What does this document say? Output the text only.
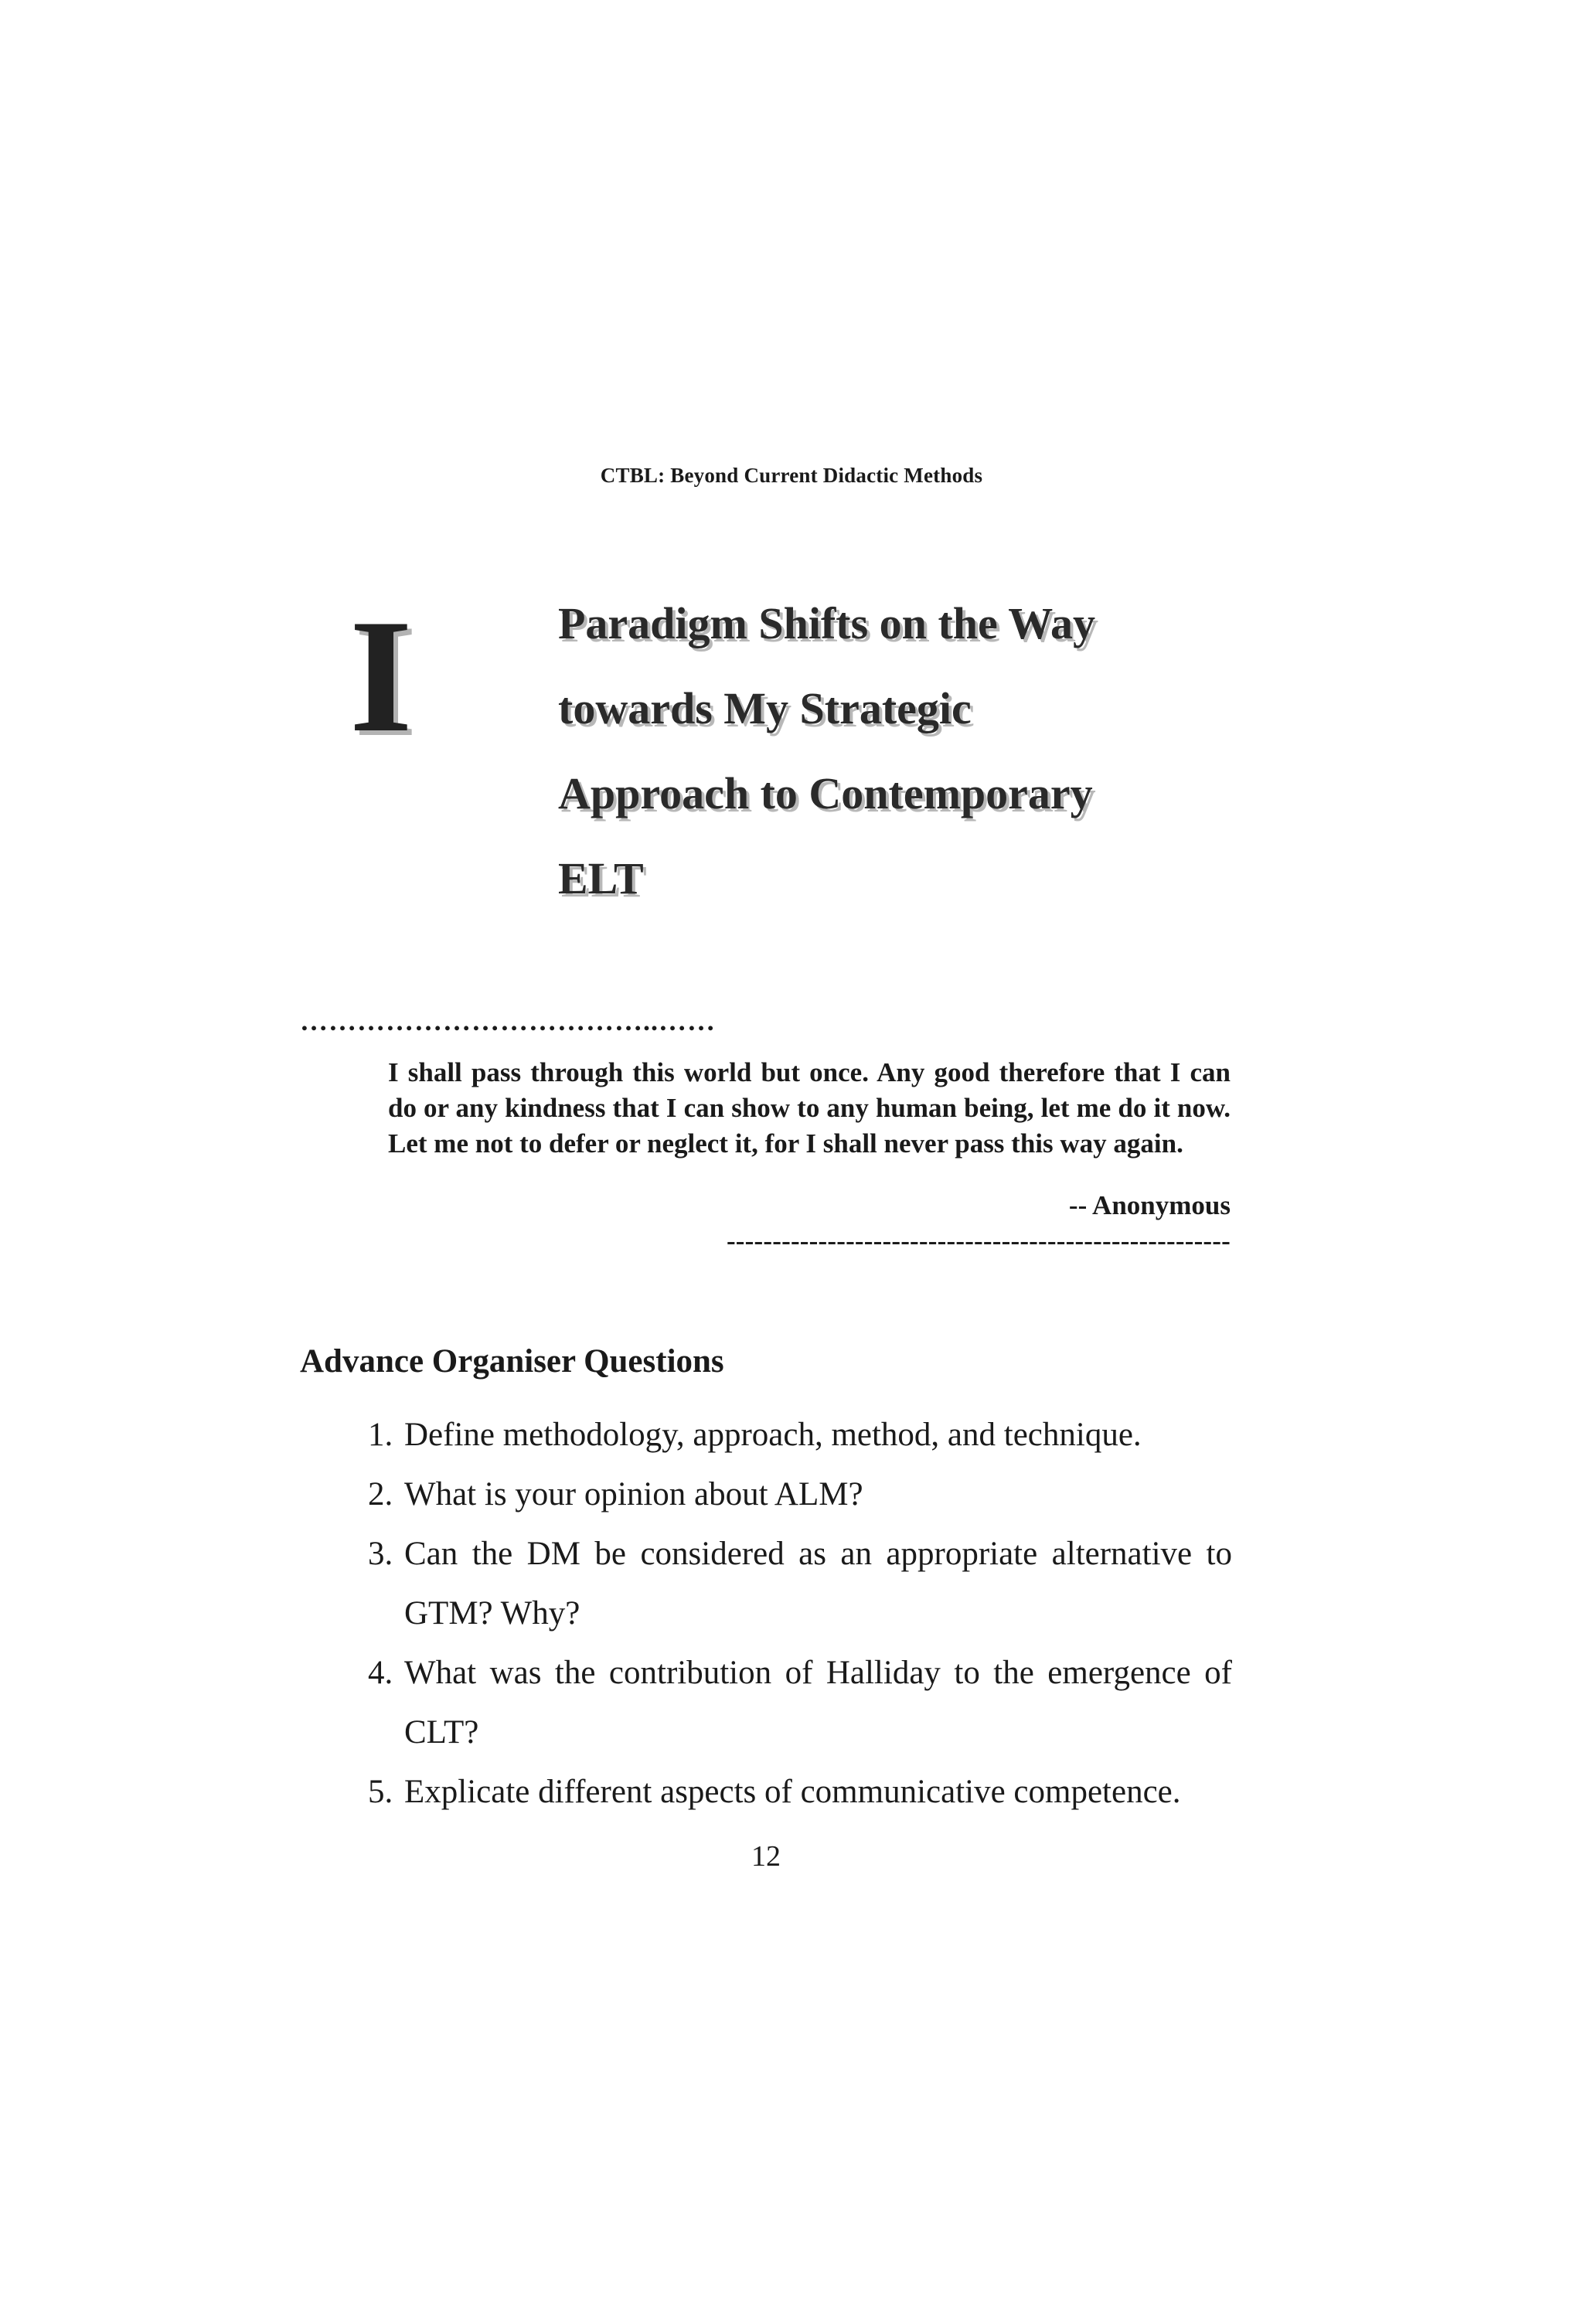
CTBL: Beyond Current Didactic Methods
I	Paradigm Shifts on the Way
towards My Strategic
Approach to Contemporary
ELT
………………………………..……
I shall pass through this world but once. Any good therefore that I can do or any kindness that I can show to any human being, let me do it now. Let me not to defer or neglect it, for I shall never pass this way again.
-- Anonymous
-------------------------------------------------------
Advance Organiser Questions
1. Define methodology, approach, method, and technique.
2. What is your opinion about ALM?
3. Can the DM be considered as an appropriate alternative to GTM? Why?
4. What was the contribution of Halliday to the emergence of CLT?
5. Explicate different aspects of communicative competence.
12
